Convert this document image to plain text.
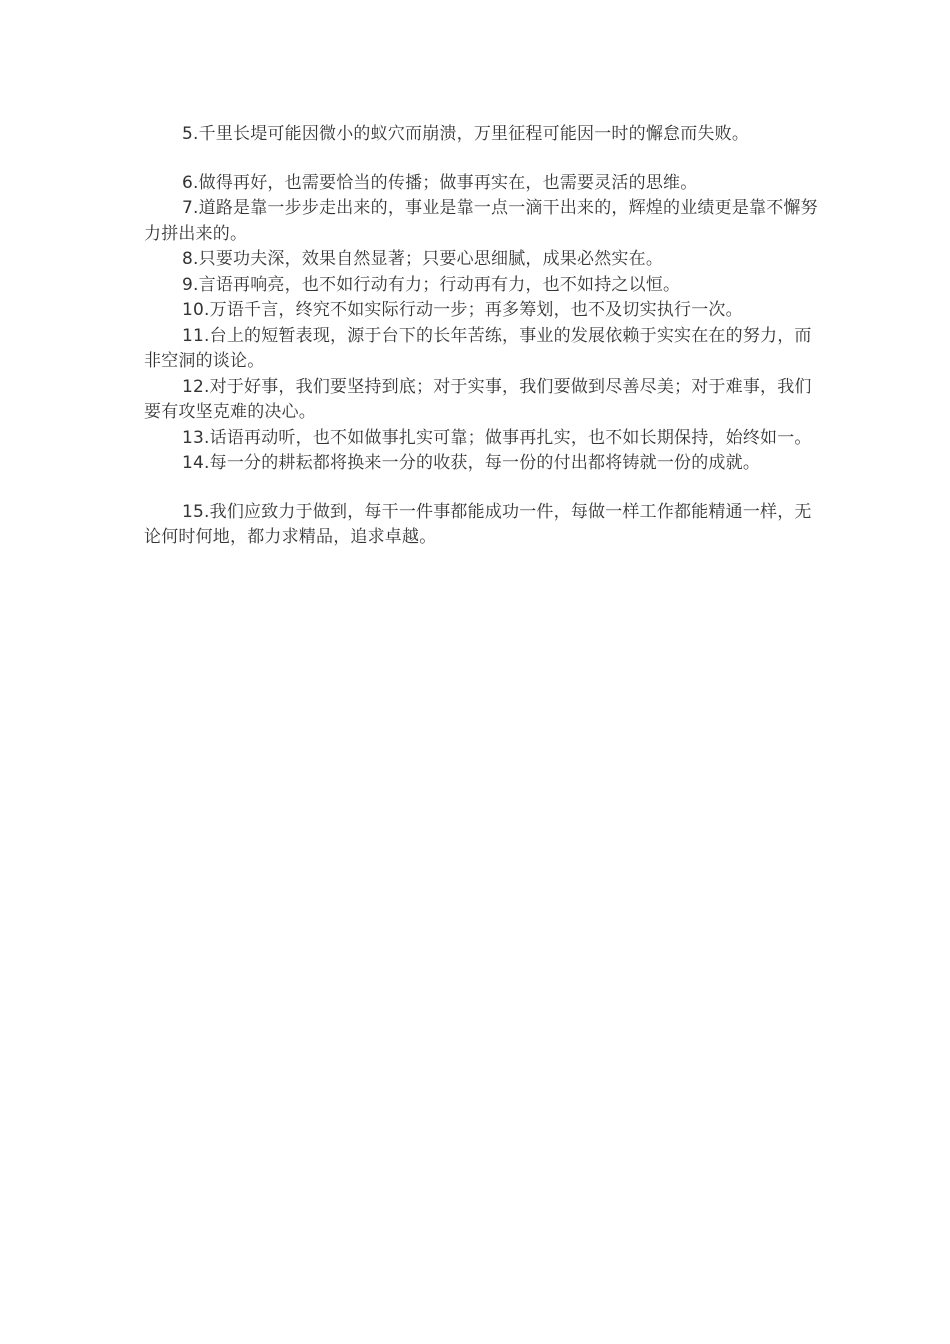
5.千里长堤可能因微小的蚁穴而崩溃，万里征程可能因一时的懈怠而失败。

6.做得再好，也需要恰当的传播；做事再实在，也需要灵活的思维。

7.道路是靠一步步走出来的，事业是靠一点一滴干出来的，辉煌的业绩更是靠不懈努力拼出来的。

8.只要功夫深，效果自然显著；只要心思细腻，成果必然实在。

9.言语再响亮，也不如行动有力；行动再有力，也不如持之以恒。

10.万语千言，终究不如实际行动一步；再多筹划，也不及切实执行一次。

11.台上的短暂表现，源于台下的长年苦练，事业的发展依赖于实实在在的努力，而非空洞的谈论。

12.对于好事，我们要坚持到底；对于实事，我们要做到尽善尽美；对于难事，我们要有攻坚克难的决心。

13.话语再动听，也不如做事扎实可靠；做事再扎实，也不如长期保持，始终如一。

14.每一分的耕耘都将换来一分的收获，每一份的付出都将铸就一份的成就。

15.我们应致力于做到，每干一件事都能成功一件，每做一样工作都能精通一样，无论何时何地，都力求精品，追求卓越。
